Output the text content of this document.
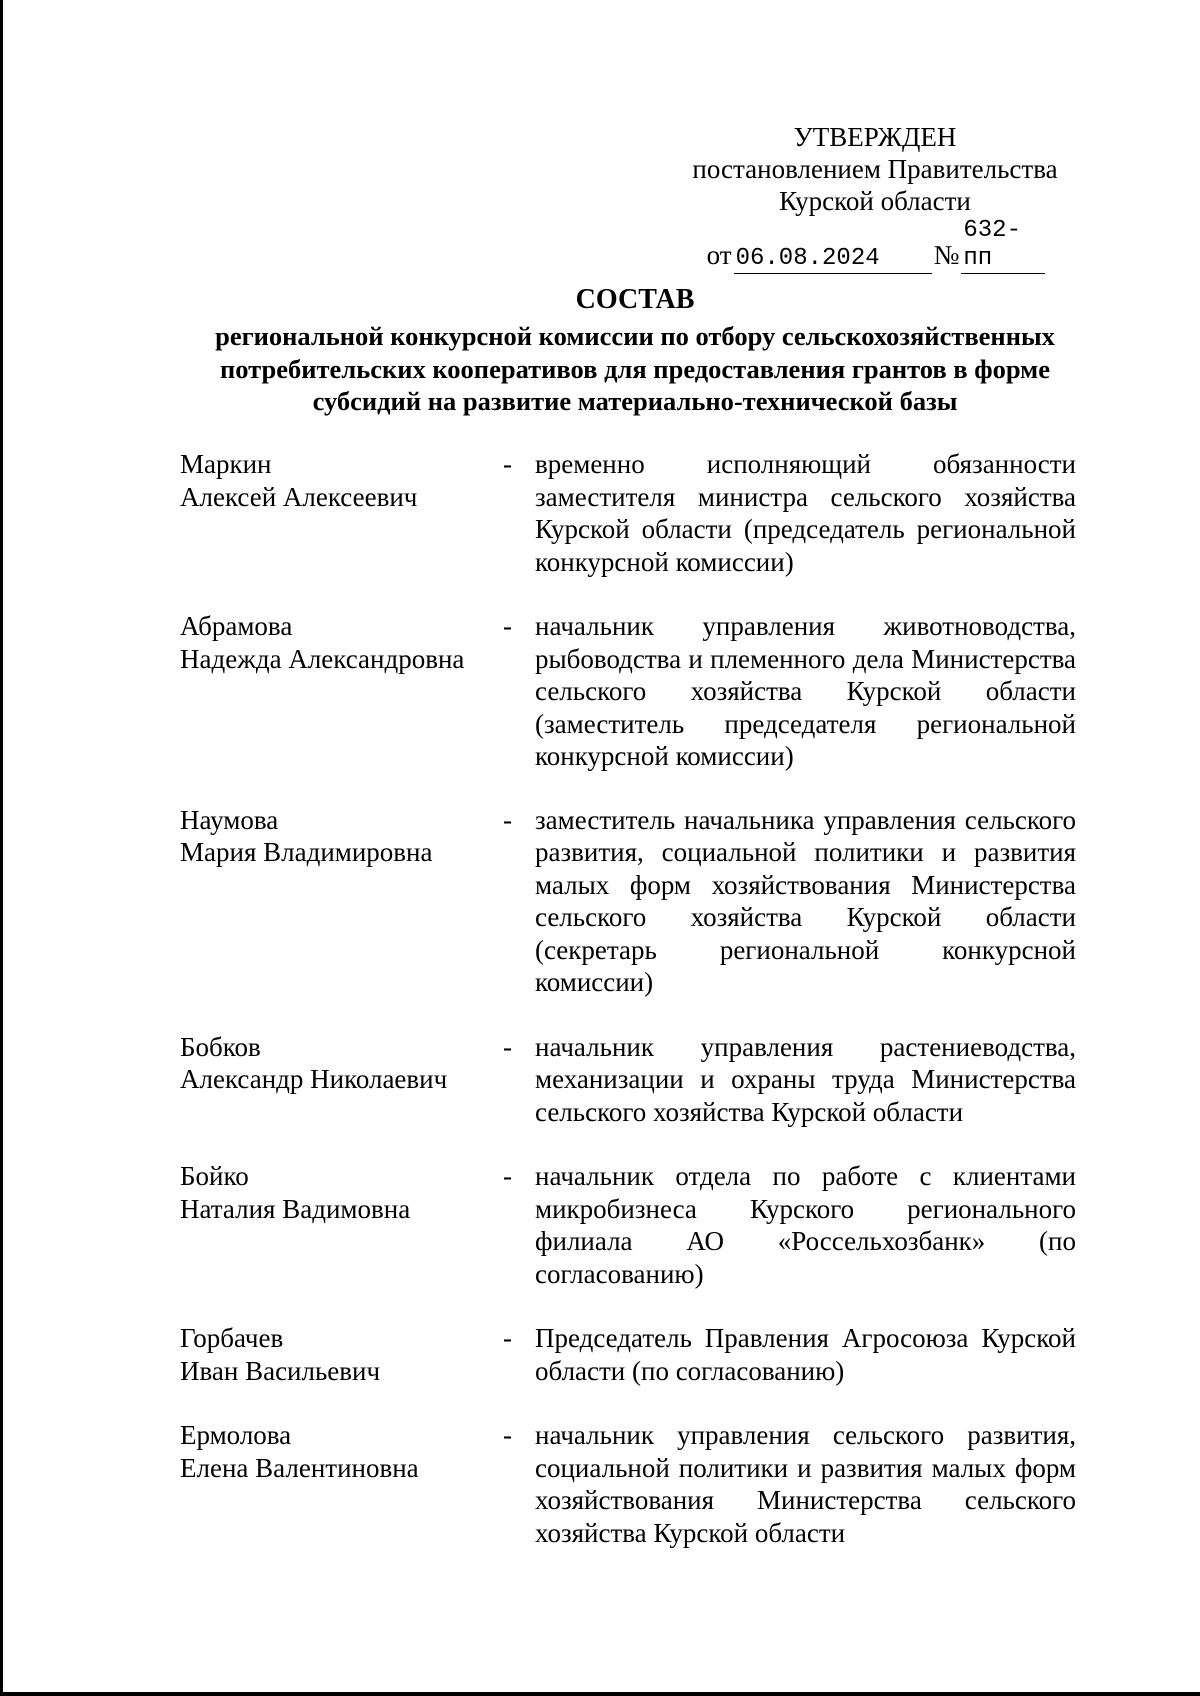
УТВЕРЖДЕН
постановлением Правительства
Курской области
от 06.08.2024 №632-пп
СОСТАВ
региональной конкурсной комиссии по отбору сельскохозяйственных потребительских кооперативов для предоставления грантов в форме субсидий на развитие материально-технической базы
Маркин
Алексей Алексеевич
- временно исполняющий обязанности заместителя министра сельского хозяйства Курской области (председатель региональной конкурсной комиссии)
Абрамова
Надежда Александровна
- начальник управления животноводства, рыбоводства и племенного дела Министерства сельского хозяйства Курской области (заместитель председателя региональной конкурсной комиссии)
Наумова
Мария Владимировна
- заместитель начальника управления сельского развития, социальной политики и развития малых форм хозяйствования Министерства сельского хозяйства Курской области (секретарь региональной конкурсной комиссии)
Бобков
Александр Николаевич
- начальник управления растениеводства, механизации и охраны труда Министерства сельского хозяйства Курской области
Бойко
Наталия Вадимовна
- начальник отдела по работе с клиентами микробизнеса Курского регионального филиала АО «Россельхозбанк» (по согласованию)
Горбачев
Иван Васильевич
- Председатель Правления Агросоюза Курской области (по согласованию)
Ермолова
Елена Валентиновна
- начальник управления сельского развития, социальной политики и развития малых форм хозяйствования Министерства сельского хозяйства Курской области
